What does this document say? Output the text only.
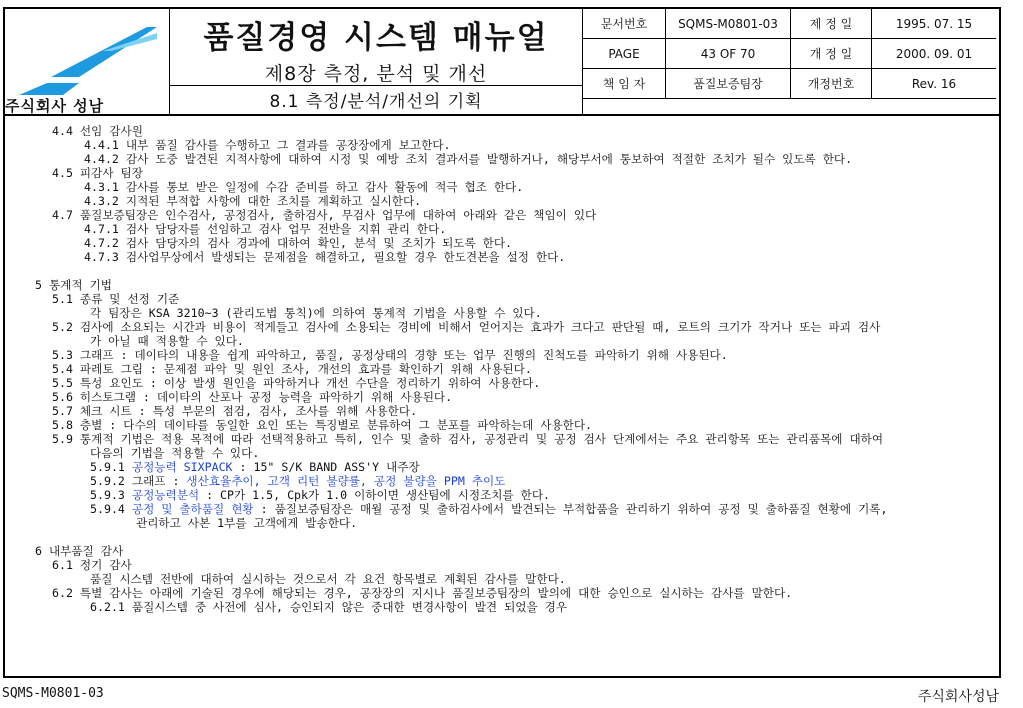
주식회사 성남
품질경영 시스템 매뉴얼
제8장 측정, 분석 및 개선
8.1 측정/분석/개선의 기획
문서번호	SQMS-M0801-03	제 정 일	1995. 07. 15
PAGE	43 OF 70	개 정 일	2000. 09. 01
책 임 자	품질보증팀장	개정번호	Rev. 16
4.4 선임 감사원
4.4.1 내부 품질 감사를 수행하고 그 결과를 공장장에게 보고한다.
4.4.2 감사 도중 발견된 지적사항에 대하여 시정 및 예방 조치 결과서를 발행하거나, 해당부서에 통보하여 적절한 조치가 될수 있도록 한다.
4.5 피감사 팀장
4.3.1 감사를 통보 받은 일정에 수감 준비를 하고 감사 활동에 적극 협조 한다.
4.3.2 지적된 부적합 사항에 대한 조치를 계획하고 실시한다.
4.7 품질보증팀장은 인수검사, 공정검사, 출하검사, 무검사 업무에 대하여 아래와 같은 책임이 있다
4.7.1 검사 담당자를 선임하고 검사 업무 전반을 지휘 관리 한다.
4.7.2 검사 담당자의 검사 경과에 대하여 확인, 분석 및 조치가 되도록 한다.
4.7.3 검사업무상에서 발생되는 문제점을 해결하고, 필요할 경우 한도견본을 설정 한다.
5 통계적 기법
5.1 종류 및 선정 기준
각 팀장은 KSA 3210~3 (관리도법 통칙)에 의하여 통계적 기법을 사용할 수 있다.
5.2 검사에 소요되는 시간과 비용이 적게들고 검사에 소용되는 경비에 비해서 얻어지는 효과가 크다고 판단될 때, 로트의 크기가 작거나 또는 파괴 검사
가 아닐 때 적용할 수 있다.
5.3 그래프 : 데이타의 내용을 쉽게 파악하고, 품질, 공정상태의 경향 또는 업무 진행의 진척도를 파악하기 위해 사용된다.
5.4 파레토 그림 : 문제점 파악 및 원인 조사, 개선의 효과를 확인하기 위해 사용된다.
5.5 특성 요인도 : 이상 발생 원인을 파악하거나 개선 수단을 정리하기 위하여 사용한다.
5.6 히스토그램 : 데이타의 산포나 공정 능력을 파악하기 위해 사용된다.
5.7 체크 시트 : 특성 부문의 점검, 검사, 조사를 위해 사용한다.
5.8 층별 : 다수의 데이타를 동일한 요인 또는 특징별로 분류하여 그 분포를 파악하는데 사용한다.
5.9 통계적 기법은 적용 목적에 따라 선택적용하고 특히, 인수 및 출하 검사, 공정관리 및 공정 검사 단계에서는 주요 관리항목 또는 관리품목에 대하여
다음의 기법을 적용할 수 있다.
5.9.1 공정능력 SIXPACK : 15" S/K BAND ASS'Y 내주장
5.9.2 그래프 : 생산효율추이, 고객 리턴 불량률, 공정 불량을 PPM 추이도
5.9.3 공정능력분석 : CP가 1.5, Cpk가 1.0 이하이면 생산팀에 시정조치를 한다.
5.9.4 공정 및 출하품질 현황 : 품질보증팀장은 매월 공정 및 출하검사에서 발견되는 부적합품을 관리하기 위하여 공정 및 출하품질 현황에 기록,
관리하고 사본 1부를 고객에게 발송한다.
6 내부품질 감사
6.1 정기 감사
품질 시스템 전반에 대하여 실시하는 것으로서 각 요건 항목별로 계획된 감사를 말한다.
6.2 특별 감사는 아래에 기술된 경우에 해당되는 경우, 공장장의 지시나 품질보증팀장의 발의에 대한 승인으로 실시하는 감사를 말한다.
6.2.1 품질시스템 중 사전에 심사, 승인되지 않은 중대한 변경사항이 발견 되었을 경우
SQMS-M0801-03	주식회사성남
